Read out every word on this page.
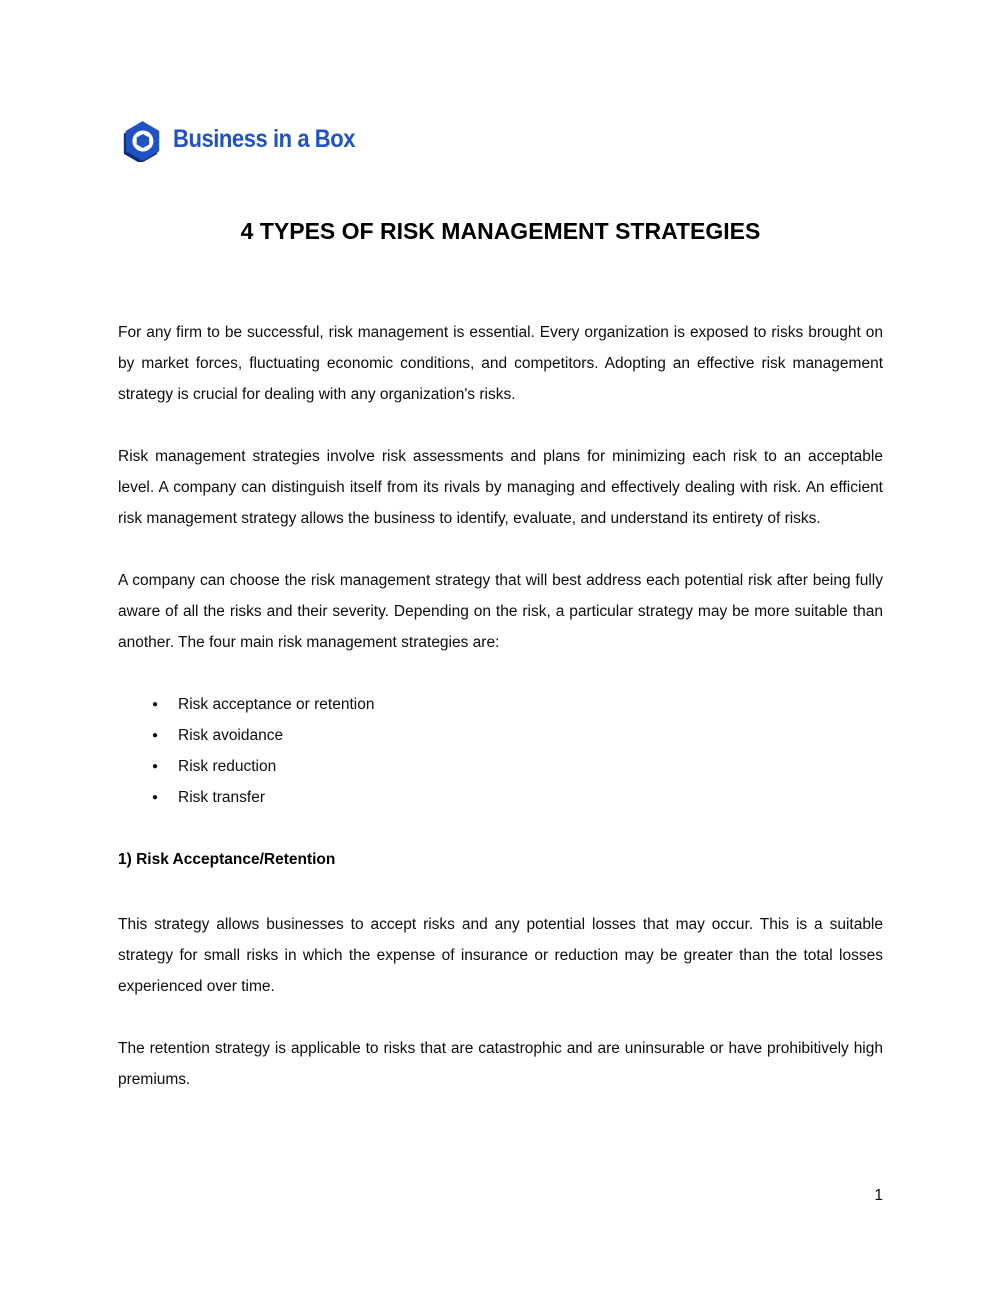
Business in a Box
4 TYPES OF RISK MANAGEMENT STRATEGIES

For any firm to be successful, risk management is essential. Every organization is exposed to risks brought on by market forces, fluctuating economic conditions, and competitors. Adopting an effective risk management strategy is crucial for dealing with any organization's risks.

Risk management strategies involve risk assessments and plans for minimizing each risk to an acceptable level. A company can distinguish itself from its rivals by managing and effectively dealing with risk. An efficient risk management strategy allows the business to identify, evaluate, and understand its entirety of risks.

A company can choose the risk management strategy that will best address each potential risk after being fully aware of all the risks and their severity. Depending on the risk, a particular strategy may be more suitable than another. The four main risk management strategies are:

● Risk acceptance or retention
● Risk avoidance
● Risk reduction
● Risk transfer
1) Risk Acceptance/Retention

This strategy allows businesses to accept risks and any potential losses that may occur. This is a suitable strategy for small risks in which the expense of insurance or reduction may be greater than the total losses experienced over time.

The retention strategy is applicable to risks that are catastrophic and are uninsurable or have prohibitively high premiums.

1
